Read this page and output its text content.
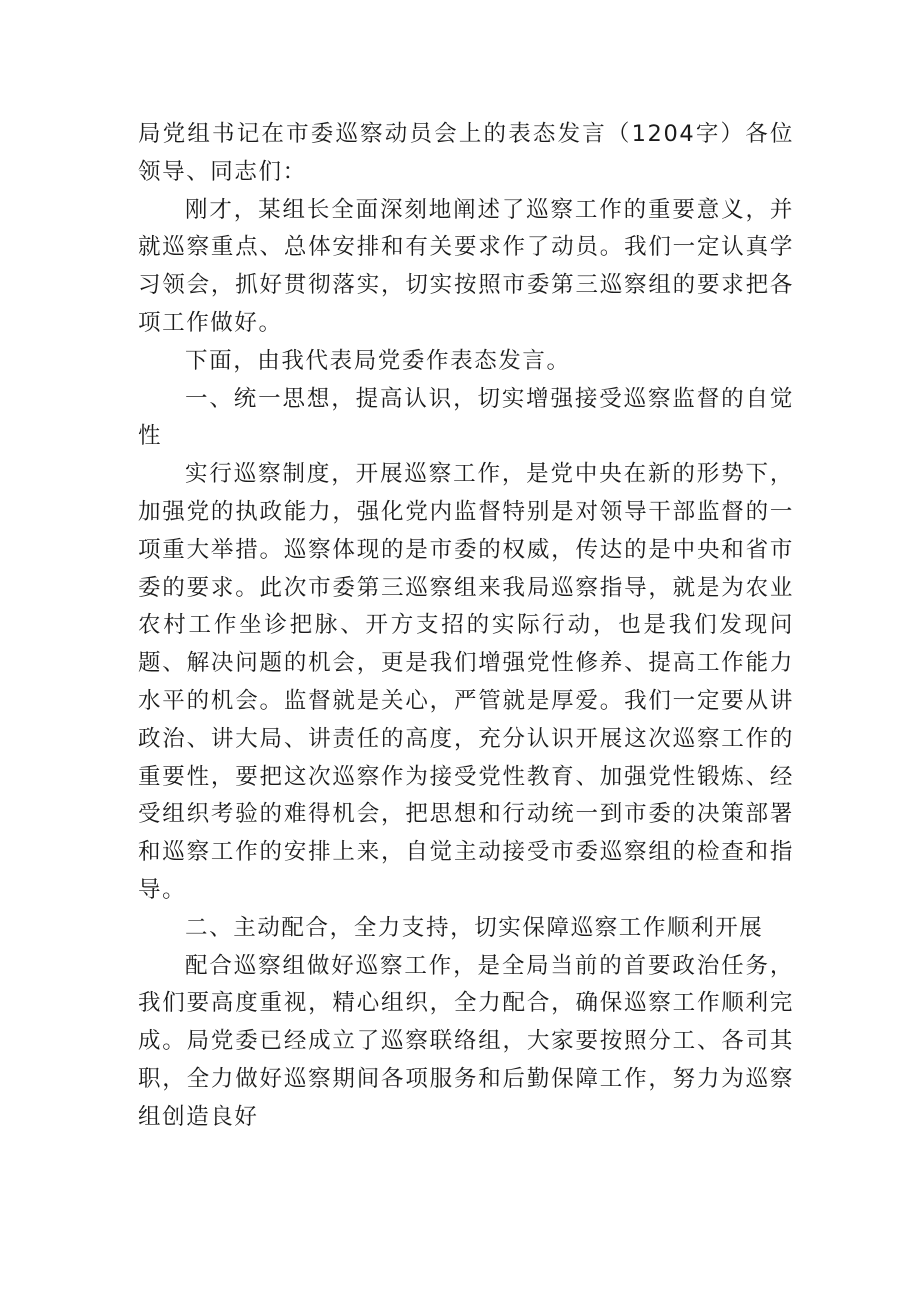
局党组书记在市委巡察动员会上的表态发言（1204字）各位领导、同志们：

刚才，某组长全面深刻地阐述了巡察工作的重要意义，并就巡察重点、总体安排和有关要求作了动员。我们一定认真学习领会，抓好贯彻落实，切实按照市委第三巡察组的要求把各项工作做好。

下面，由我代表局党委作表态发言。

一、统一思想，提高认识，切实增强接受巡察监督的自觉性

实行巡察制度，开展巡察工作，是党中央在新的形势下，加强党的执政能力，强化党内监督特别是对领导干部监督的一项重大举措。巡察体现的是市委的权威，传达的是中央和省市委的要求。此次市委第三巡察组来我局巡察指导，就是为农业农村工作坐诊把脉、开方支招的实际行动，也是我们发现问题、解决问题的机会，更是我们增强党性修养、提高工作能力水平的机会。监督就是关心，严管就是厚爱。我们一定要从讲政治、讲大局、讲责任的高度，充分认识开展这次巡察工作的重要性，要把这次巡察作为接受党性教育、加强党性锻炼、经受组织考验的难得机会，把思想和行动统一到市委的决策部署和巡察工作的安排上来，自觉主动接受市委巡察组的检查和指导。

二、主动配合，全力支持，切实保障巡察工作顺利开展

配合巡察组做好巡察工作，是全局当前的首要政治任务，我们要高度重视，精心组织，全力配合，确保巡察工作顺利完成。局党委已经成立了巡察联络组，大家要按照分工、各司其职，全力做好巡察期间各项服务和后勤保障工作，努力为巡察组创造良好
